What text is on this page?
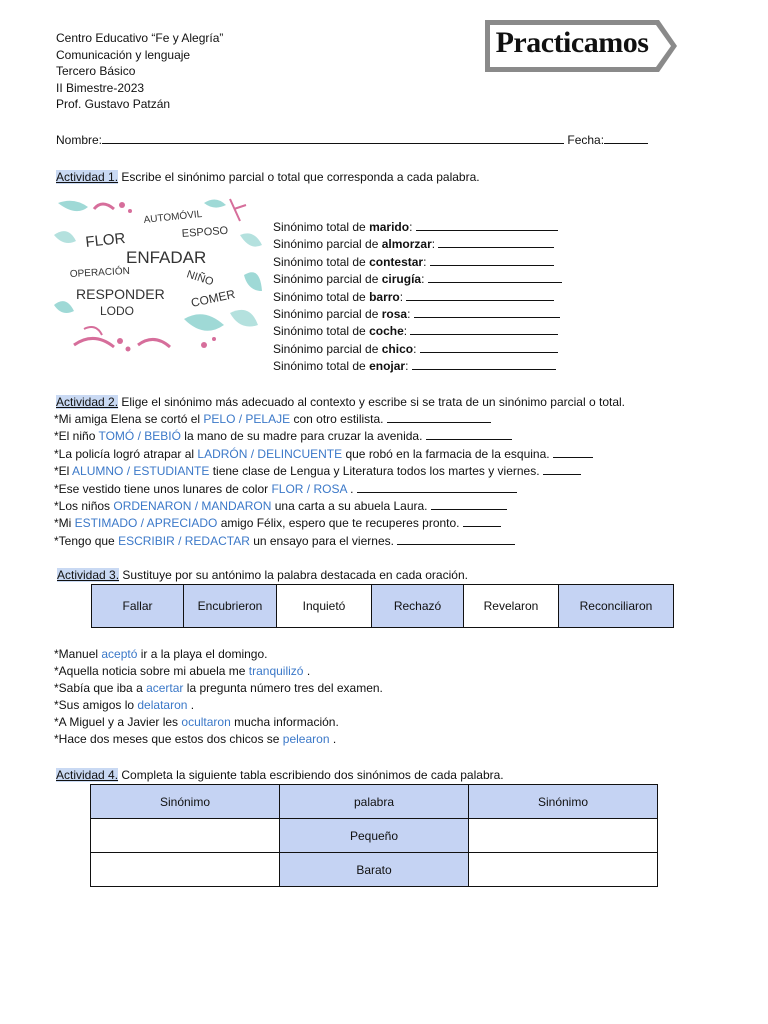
Centro Educativo “Fe y Alegría”
Comunicación y lenguaje
Tercero Básico
II Bimestre-2023
Prof. Gustavo Patzán
Practicamos
Nombre:	Fecha:
Actividad 1. Escribe el sinónimo parcial o total que corresponda a cada palabra.
AUTOMÓVIL
ESPOSO
FLOR
ENFADAR
OPERACIÓN	NIÑO
RESPONDER COMER
LODO
Sinónimo total de marido:
Sinónimo parcial de almorzar:
Sinónimo total de contestar:
Sinónimo parcial de cirugía:
Sinónimo total de barro:
Sinónimo parcial de rosa:
Sinónimo total de coche:
Sinónimo parcial de chico:
Sinónimo total de enojar:
Actividad 2. Elige el sinónimo más adecuado al contexto y escribe si se trata de un sinónimo parcial o total.
*Mi amiga Elena se cortó el PELO / PELAJE con otro estilista.
*El niño TOMÓ / BEBIÓ la mano de su madre para cruzar la avenida.
*La policía logró atrapar al LADRÓN / DELINCUENTE que robó en la farmacia de la esquina.
*El ALUMNO / ESTUDIANTE tiene clase de Lengua y Literatura todos los martes y viernes.
*Ese vestido tiene unos lunares de color FLOR / ROSA .
*Los niños ORDENARON / MANDARON una carta a su abuela Laura.
*Mi ESTIMADO / APRECIADO amigo Félix, espero que te recuperes pronto.
*Tengo que ESCRIBIR / REDACTAR un ensayo para el viernes.
Actividad 3. Sustituye por su antónimo la palabra destacada en cada oración.
Fallar	Encubrieron	Inquietó	Rechazó	Revelaron	Reconciliaron
*Manuel aceptó ir a la playa el domingo.
*Aquella noticia sobre mi abuela me tranquilizó .
*Sabía que iba a acertar la pregunta número tres del examen.
*Sus amigos lo delataron .
*A Miguel y a Javier les ocultaron mucha información.
*Hace dos meses que estos dos chicos se pelearon .
Actividad 4. Completa la siguiente tabla escribiendo dos sinónimos de cada palabra.
Sinónimo	palabra	Sinónimo
	Pequeño	
	Barato	
